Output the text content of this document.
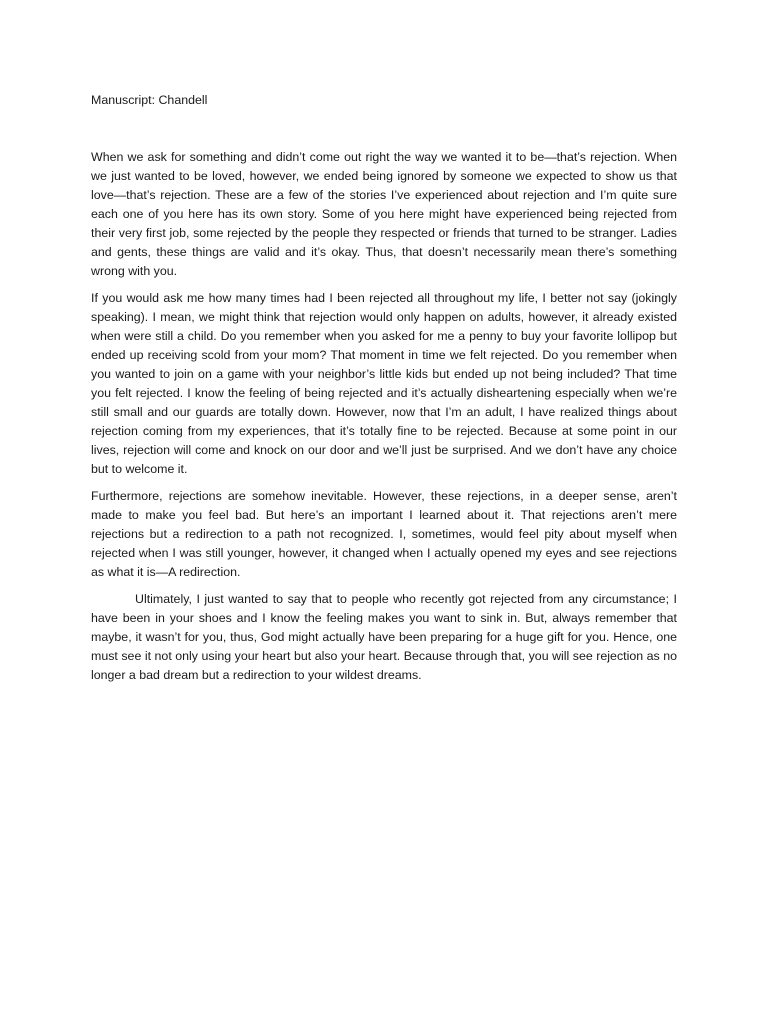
Manuscript: Chandell

When we ask for something and didn’t come out right the way we wanted it to be—that’s rejection. When we just wanted to be loved, however, we ended being ignored by someone we expected to show us that love—that’s rejection. These are a few of the stories I’ve experienced about rejection and I’m quite sure each one of you here has its own story. Some of you here might have experienced being rejected from their very first job, some rejected by the people they respected or friends that turned to be stranger. Ladies and gents, these things are valid and it’s okay. Thus, that doesn’t necessarily mean there’s something wrong with you.

If you would ask me how many times had I been rejected all throughout my life, I better not say (jokingly speaking). I mean, we might think that rejection would only happen on adults, however, it already existed when were still a child. Do you remember when you asked for me a penny to buy your favorite lollipop but ended up receiving scold from your mom? That moment in time we felt rejected. Do you remember when you wanted to join on a game with your neighbor’s little kids but ended up not being included? That time you felt rejected. I know the feeling of being rejected and it’s actually disheartening especially when we’re still small and our guards are totally down. However, now that I’m an adult, I have realized things about rejection coming from my experiences, that it’s totally fine to be rejected. Because at some point in our lives, rejection will come and knock on our door and we’ll just be surprised. And we don’t have any choice but to welcome it.

Furthermore, rejections are somehow inevitable. However, these rejections, in a deeper sense, aren’t made to make you feel bad. But here’s an important I learned about it. That rejections aren’t mere rejections but a redirection to a path not recognized. I, sometimes, would feel pity about myself when rejected when I was still younger, however, it changed when I actually opened my eyes and see rejections as what it is—A redirection.

Ultimately, I just wanted to say that to people who recently got rejected from any circumstance; I have been in your shoes and I know the feeling makes you want to sink in. But, always remember that maybe, it wasn’t for you, thus, God might actually have been preparing for a huge gift for you. Hence, one must see it not only using your heart but also your heart. Because through that, you will see rejection as no longer a bad dream but a redirection to your wildest dreams.
